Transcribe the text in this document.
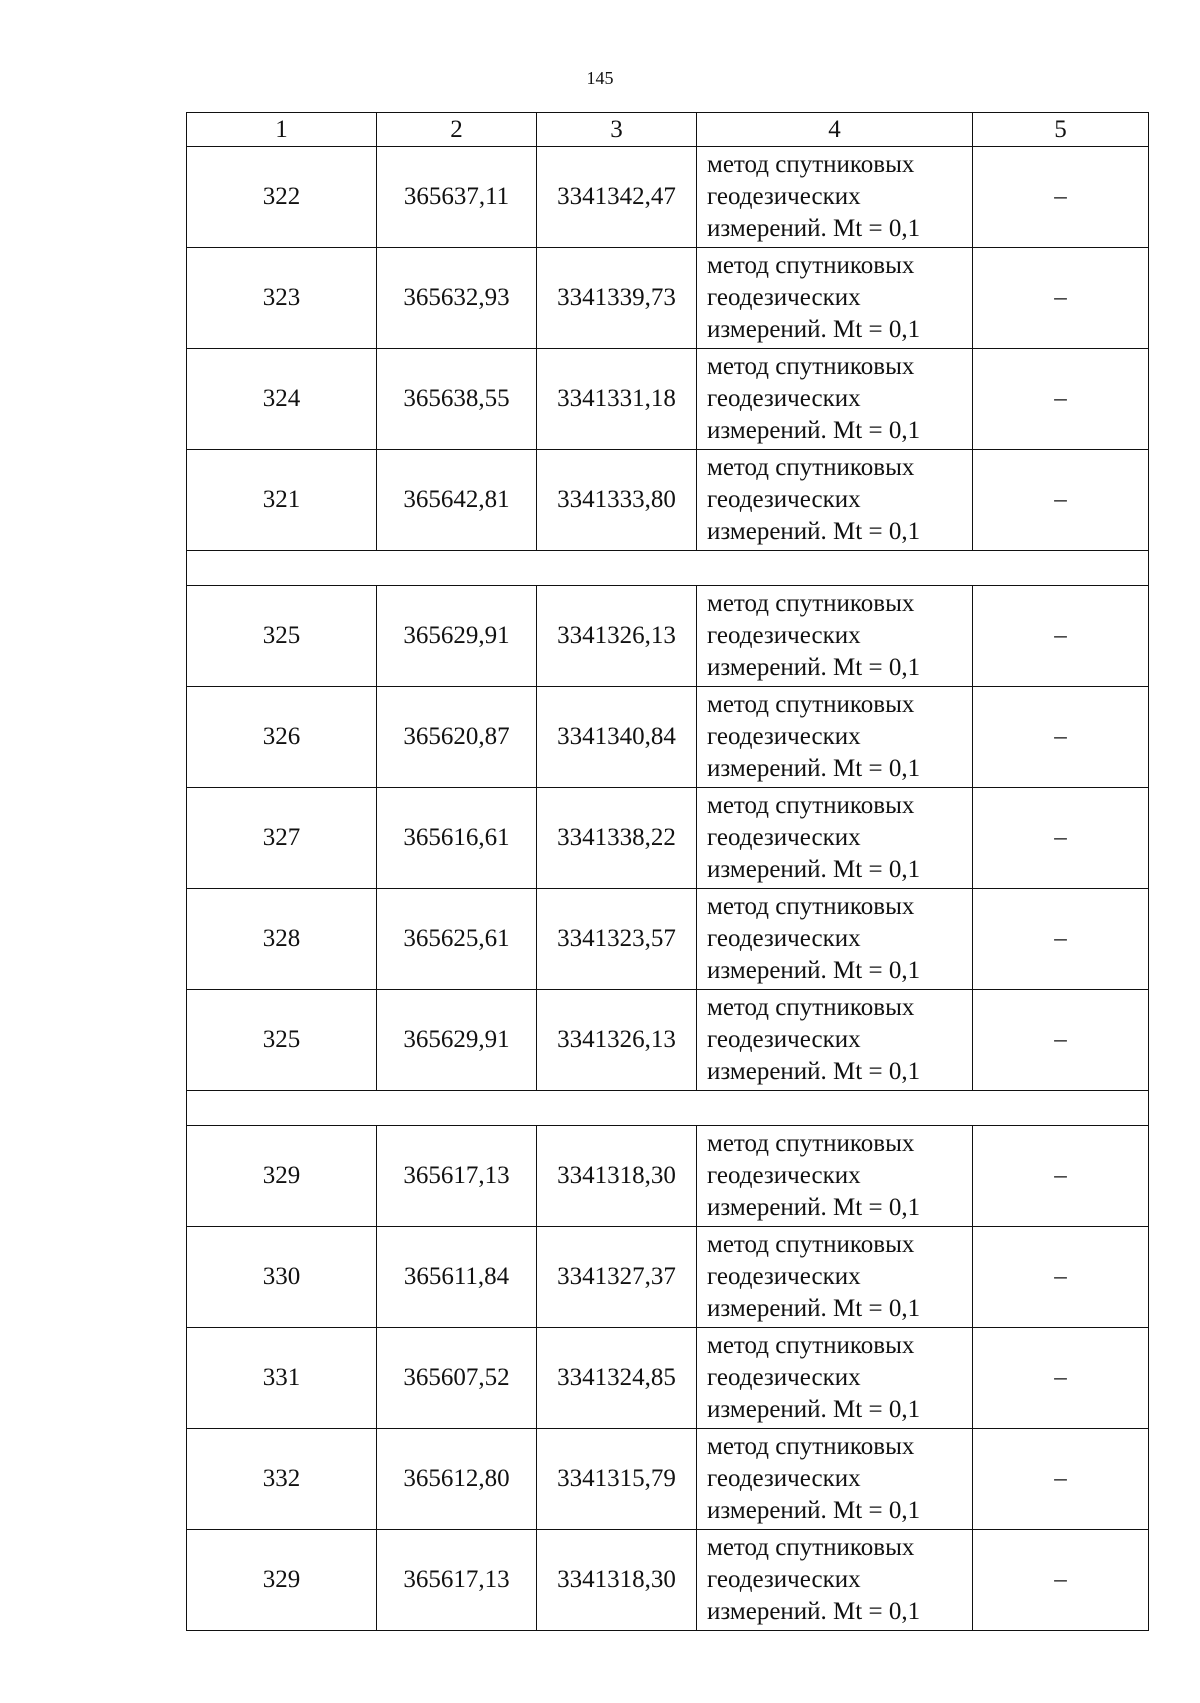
145
1	2	3	4	5
322	365637,11	3341342,47	метод спутниковых
геодезических
измерений. Mt = 0,1	–
323	365632,93	3341339,73	метод спутниковых
геодезических
измерений. Mt = 0,1	–
324	365638,55	3341331,18	метод спутниковых
геодезических
измерений. Mt = 0,1	–
321	365642,81	3341333,80	метод спутниковых
геодезических
измерений. Mt = 0,1	–

325	365629,91	3341326,13	метод спутниковых
геодезических
измерений. Mt = 0,1	–
326	365620,87	3341340,84	метод спутниковых
геодезических
измерений. Mt = 0,1	–
327	365616,61	3341338,22	метод спутниковых
геодезических
измерений. Mt = 0,1	–
328	365625,61	3341323,57	метод спутниковых
геодезических
измерений. Mt = 0,1	–
325	365629,91	3341326,13	метод спутниковых
геодезических
измерений. Mt = 0,1	–

329	365617,13	3341318,30	метод спутниковых
геодезических
измерений. Mt = 0,1	–
330	365611,84	3341327,37	метод спутниковых
геодезических
измерений. Mt = 0,1	–
331	365607,52	3341324,85	метод спутниковых
геодезических
измерений. Mt = 0,1	–
332	365612,80	3341315,79	метод спутниковых
геодезических
измерений. Mt = 0,1	–
329	365617,13	3341318,30	метод спутниковых
геодезических
измерений. Mt = 0,1	–
